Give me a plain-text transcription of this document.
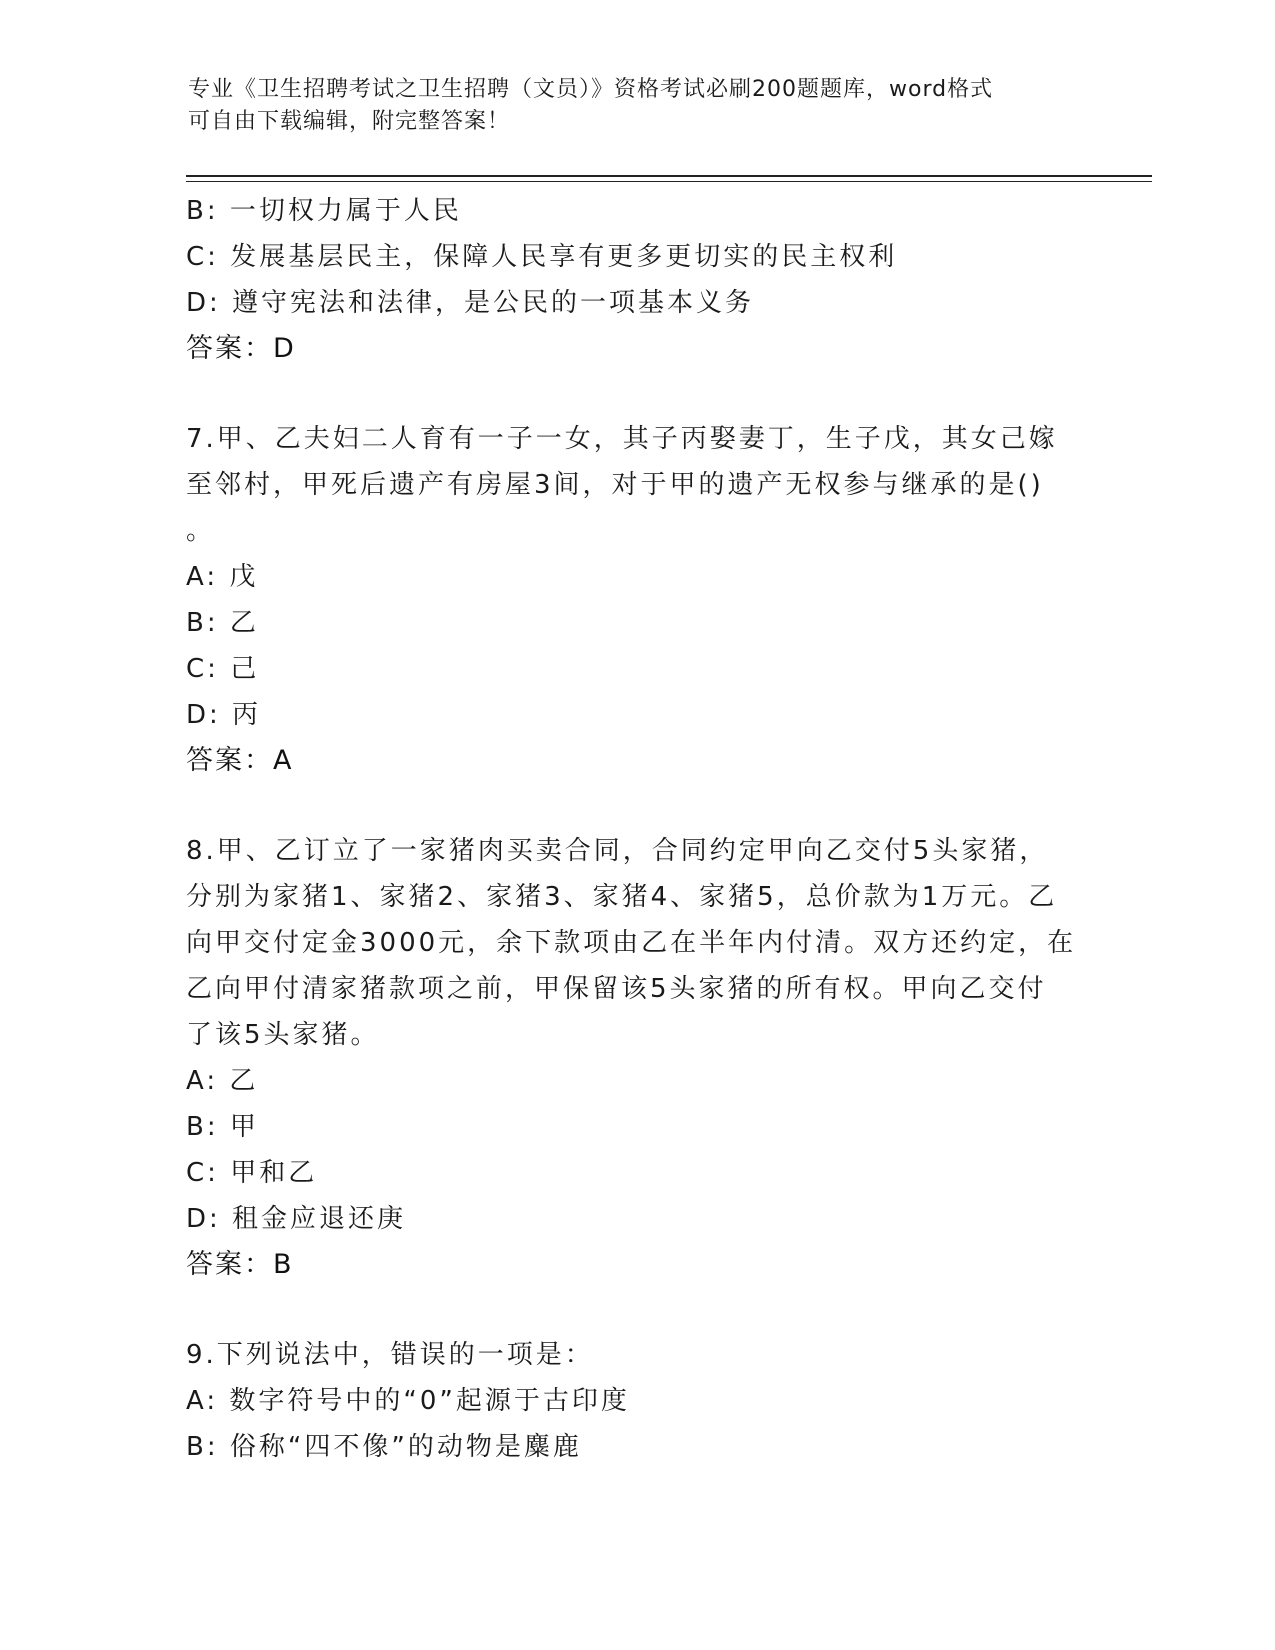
专业《卫生招聘考试之卫生招聘（文员）》资格考试必刷200题题库，word格式
可自由下载编辑，附完整答案！
B: 一切权力属于人民
C: 发展基层民主，保障人民享有更多更切实的民主权利
D: 遵守宪法和法律，是公民的一项基本义务
答案：D
7.甲、乙夫妇二人育有一子一女，其子丙娶妻丁，生子戊，其女己嫁
至邻村，甲死后遗产有房屋3间，对于甲的遗产无权参与继承的是()
。
A: 戊
B: 乙
C: 己
D: 丙
答案：A
8.甲、乙订立了一家猪肉买卖合同，合同约定甲向乙交付5头家猪，
分别为家猪1、家猪2、家猪3、家猪4、家猪5，总价款为1万元。乙
向甲交付定金3000元，余下款项由乙在半年内付清。双方还约定，在
乙向甲付清家猪款项之前，甲保留该5头家猪的所有权。甲向乙交付
了该5头家猪。
A: 乙
B: 甲
C: 甲和乙
D: 租金应退还庚
答案：B
9.下列说法中，错误的一项是：
A: 数字符号中的“0”起源于古印度
B: 俗称“四不像”的动物是麋鹿
